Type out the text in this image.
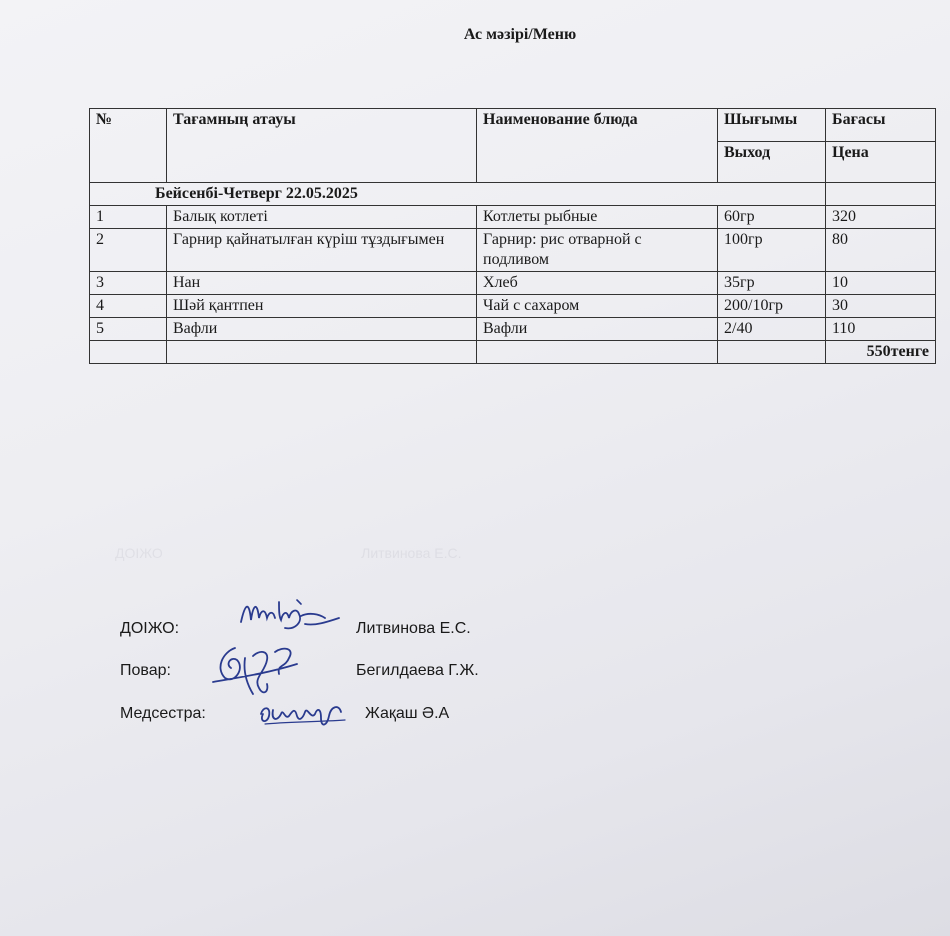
Ас мәзірі/Меню
№	Тағамның атауы	Наименование блюда	Шығымы	Бағасы
			Выход	Цена
Бейсенбі-Четверг 22.05.2025				
1	Балық котлеті	Котлеты рыбные	60гр	320
2	Гарнир қайнатылған күріш тұздығымен	Гарнир: рис отварной с подливом	100гр	80
3	Нан	Хлеб	35гр	10
4	Шәй қантпен	Чай с сахаром	200/10гр	30
5	Вафли	Вафли	2/40	110
				550тенге
ДОІЖО                                                   Литвинова Е.С.
ДОІЖО:	Литвинова Е.С.
Повар:	Бегилдаева Г.Ж.
Медсестра:	Жақаш Ә.А
